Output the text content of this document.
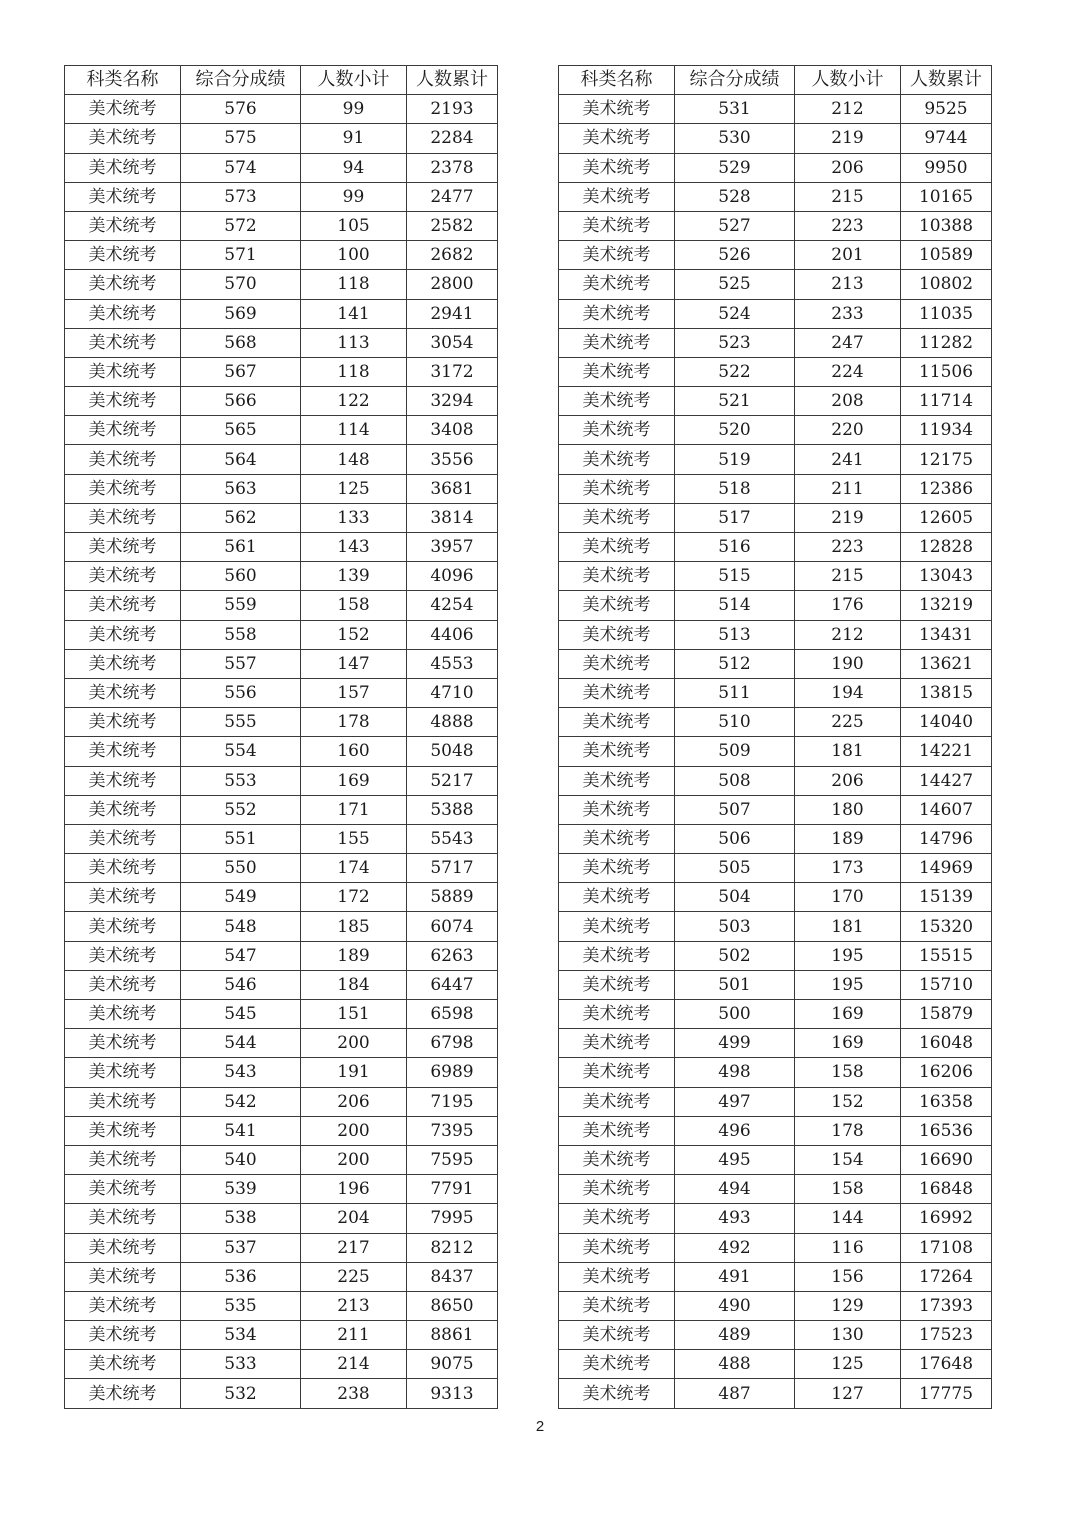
科类名称	综合分成绩	人数小计	人数累计
美术统考	576	99	2193
美术统考	575	91	2284
美术统考	574	94	2378
美术统考	573	99	2477
美术统考	572	105	2582
美术统考	571	100	2682
美术统考	570	118	2800
美术统考	569	141	2941
美术统考	568	113	3054
美术统考	567	118	3172
美术统考	566	122	3294
美术统考	565	114	3408
美术统考	564	148	3556
美术统考	563	125	3681
美术统考	562	133	3814
美术统考	561	143	3957
美术统考	560	139	4096
美术统考	559	158	4254
美术统考	558	152	4406
美术统考	557	147	4553
美术统考	556	157	4710
美术统考	555	178	4888
美术统考	554	160	5048
美术统考	553	169	5217
美术统考	552	171	5388
美术统考	551	155	5543
美术统考	550	174	5717
美术统考	549	172	5889
美术统考	548	185	6074
美术统考	547	189	6263
美术统考	546	184	6447
美术统考	545	151	6598
美术统考	544	200	6798
美术统考	543	191	6989
美术统考	542	206	7195
美术统考	541	200	7395
美术统考	540	200	7595
美术统考	539	196	7791
美术统考	538	204	7995
美术统考	537	217	8212
美术统考	536	225	8437
美术统考	535	213	8650
美术统考	534	211	8861
美术统考	533	214	9075
美术统考	532	238	9313
科类名称	综合分成绩	人数小计	人数累计
美术统考	531	212	9525
美术统考	530	219	9744
美术统考	529	206	9950
美术统考	528	215	10165
美术统考	527	223	10388
美术统考	526	201	10589
美术统考	525	213	10802
美术统考	524	233	11035
美术统考	523	247	11282
美术统考	522	224	11506
美术统考	521	208	11714
美术统考	520	220	11934
美术统考	519	241	12175
美术统考	518	211	12386
美术统考	517	219	12605
美术统考	516	223	12828
美术统考	515	215	13043
美术统考	514	176	13219
美术统考	513	212	13431
美术统考	512	190	13621
美术统考	511	194	13815
美术统考	510	225	14040
美术统考	509	181	14221
美术统考	508	206	14427
美术统考	507	180	14607
美术统考	506	189	14796
美术统考	505	173	14969
美术统考	504	170	15139
美术统考	503	181	15320
美术统考	502	195	15515
美术统考	501	195	15710
美术统考	500	169	15879
美术统考	499	169	16048
美术统考	498	158	16206
美术统考	497	152	16358
美术统考	496	178	16536
美术统考	495	154	16690
美术统考	494	158	16848
美术统考	493	144	16992
美术统考	492	116	17108
美术统考	491	156	17264
美术统考	490	129	17393
美术统考	489	130	17523
美术统考	488	125	17648
美术统考	487	127	17775
2
